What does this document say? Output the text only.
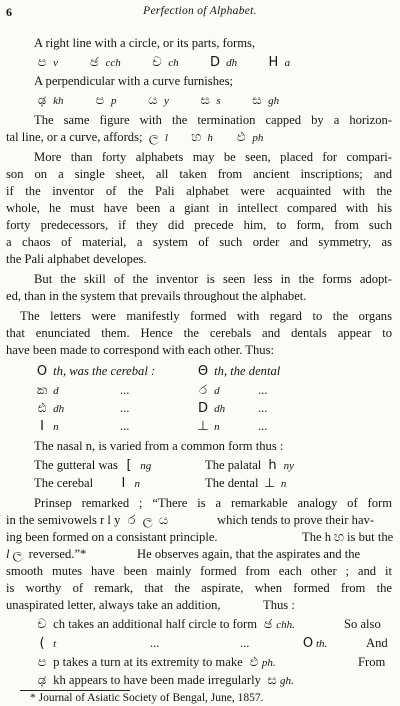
6	Perfection of Alphabet.
A right line with a circle, or its parts, forms,
ප v ඡ cch ච ch D dh H a
A perpendicular with a curve furnishes;
ಢ kh ප p ය y ස s ස gh
The same figure with the termination capped by a horizon-
tal line, or a curve, affords; ල l හ h ඵ ph
More than forty alphabets may be seen, placed for compari-
son on a single sheet, all taken from ancient inscriptions; and
if the inventor of the Pali alphabet were acquainted with the
whole, he must have been a giant in intellect compared with his
forty predecessors, if they did precede him, to form, from such
a chaos of material, a system of such order and symmetry, as
the Pali alphabet developes.
But the skill of the inventor is seen less in the forms adopt-
ed, than in the system that prevails throughout the alphabet.
The letters were manifestly formed with regard to the organs
that enunciated them. Hence the cerebals and dentals appear to
have been made to correspond with each other. Thus:
O th, was the cerebal :	Θ th, the dental
ක d	...	ර d	...
ඪ dh	...	D dh	...
I n	...	⊥ n	...
The nasal n, is varied from a common form thus :
The gutteral was [ ng	The palatal h ny
The cerebal I n	The dental ⊥ n
Prinsep remarked ; “There is a remarkable analogy of form
in the semivowels r l y ර ල ය	which tends to prove their hav-
ing been formed on a consistant principle.	The h හ is but the
l ල reversed.”*	He observes again, that the aspirates and the
smooth mutes have been mainly formed from each other ; and it
is worthy of remark, that the aspirate, when formed from the
unaspirated letter, always take an addition,	Thus :
ච ch takes an additional half circle to form ඡ chh.	So also
( t	...	...	O th.	And
ප p takes a turn at its extremity to make ඵ ph.	From
ಢ kh appears to have been made irregularly ස gh.
* Journal of Asiatic Society of Bengal, June, 1857.
